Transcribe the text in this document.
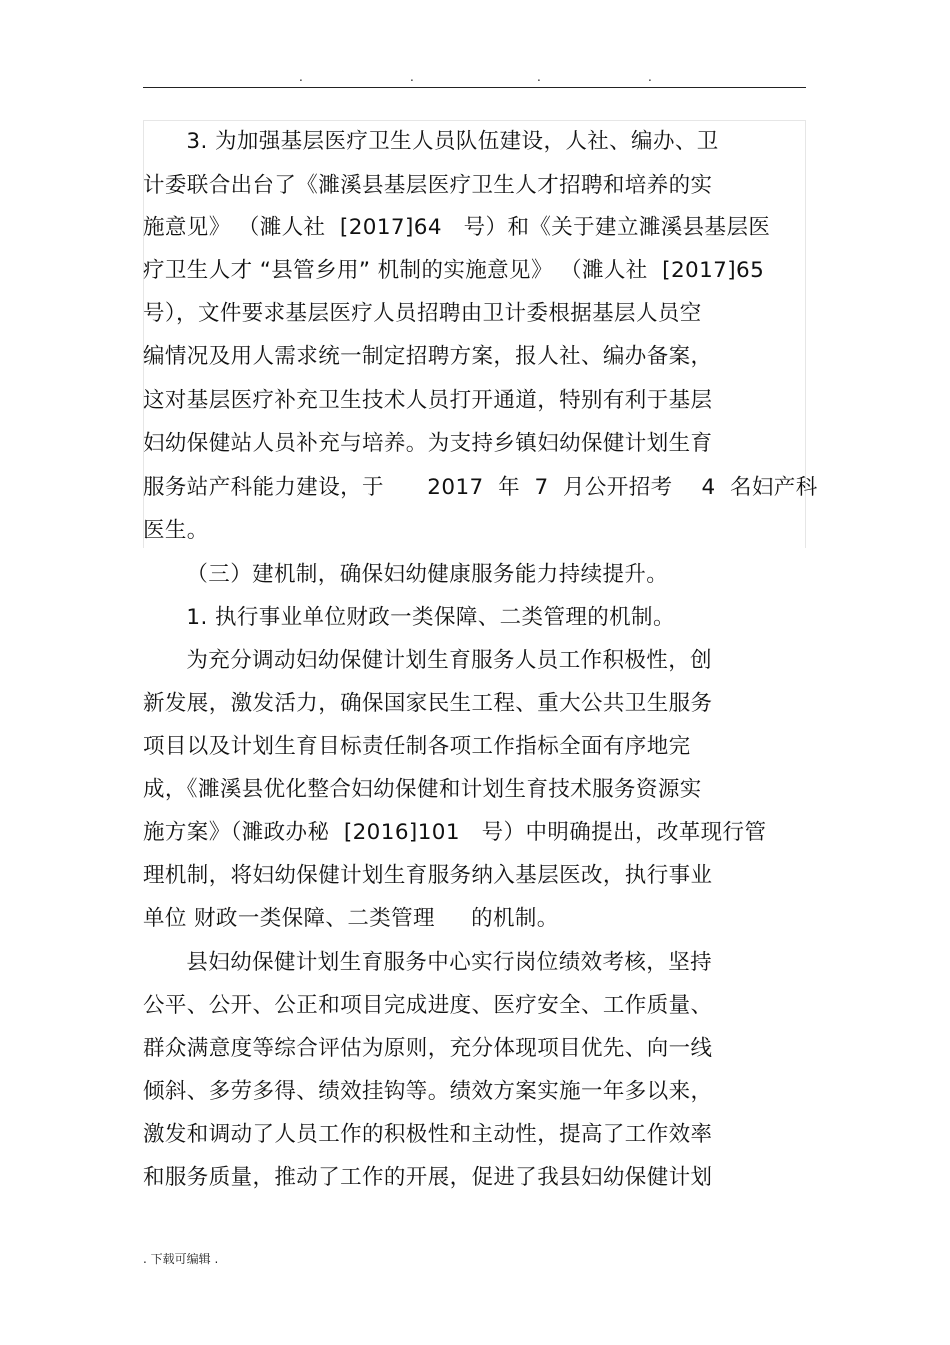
.	.	.	.
3. 为加强基层医疗卫生人员队伍建设，人社、编办、卫
计委联合出台了《濉溪县基层医疗卫生人才招聘和培养的实
施意见》 （濉人社  [2017]64   号）和《关于建立濉溪县基层医
疗卫生人才 “县管乡用” 机制的实施意见》 （濉人社  [2017]65
号），文件要求基层医疗人员招聘由卫计委根据基层人员空
编情况及用人需求统一制定招聘方案，报人社、编办备案，
这对基层医疗补充卫生技术人员打开通道，特别有利于基层
妇幼保健站人员补充与培养。为支持乡镇妇幼保健计划生育
服务站产科能力建设，于      2017  年  7  月公开招考    4  名妇产科
医生。
（三）建机制，确保妇幼健康服务能力持续提升。
1. 执行事业单位财政一类保障、二类管理的机制。
为充分调动妇幼保健计划生育服务人员工作积极性，创
新发展，激发活力，确保国家民生工程、重大公共卫生服务
项目以及计划生育目标责任制各项工作指标全面有序地完
成，《濉溪县优化整合妇幼保健和计划生育技术服务资源实
施方案》（濉政办秘  [2016]101   号）中明确提出，改革现行管
理机制，将妇幼保健计划生育服务纳入基层医改，执行事业
单位 财政一类保障、二类管理     的机制。
县妇幼保健计划生育服务中心实行岗位绩效考核，坚持
公平、公开、公正和项目完成进度、医疗安全、工作质量、
群众满意度等综合评估为原则，充分体现项目优先、向一线
倾斜、多劳多得、绩效挂钩等。绩效方案实施一年多以来，
激发和调动了人员工作的积极性和主动性，提高了工作效率
和服务质量，推动了工作的开展，促进了我县妇幼保健计划
. 下载可编辑 .
